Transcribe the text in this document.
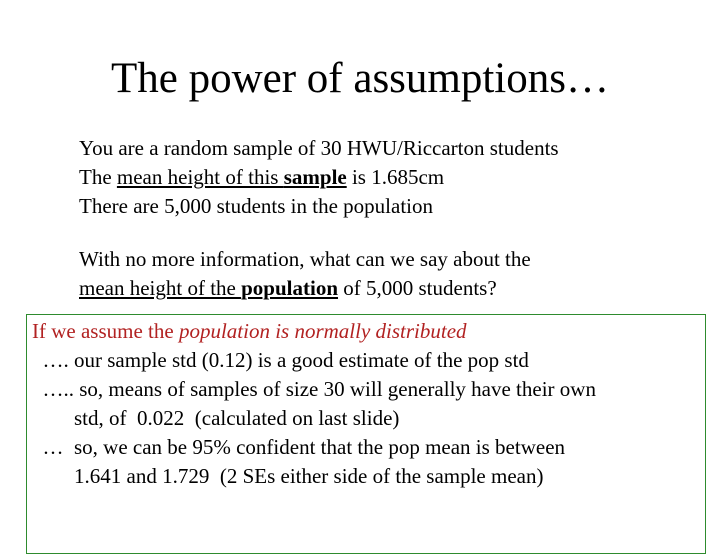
The power of assumptions…
You are a random sample of 30 HWU/Riccarton students
The mean height of this sample is 1.685cm
There are 5,000 students in the population
With no more information, what can we say about the
mean height of the population of 5,000 students?
If we assume the population is normally distributed
…. our sample std (0.12) is a good estimate of the pop std
….. so, means of samples of size 30 will generally have their own
std, of  0.022  (calculated on last slide)
…  so, we can be 95% confident that the pop mean is between
1.641 and 1.729  (2 SEs either side of the sample mean)
